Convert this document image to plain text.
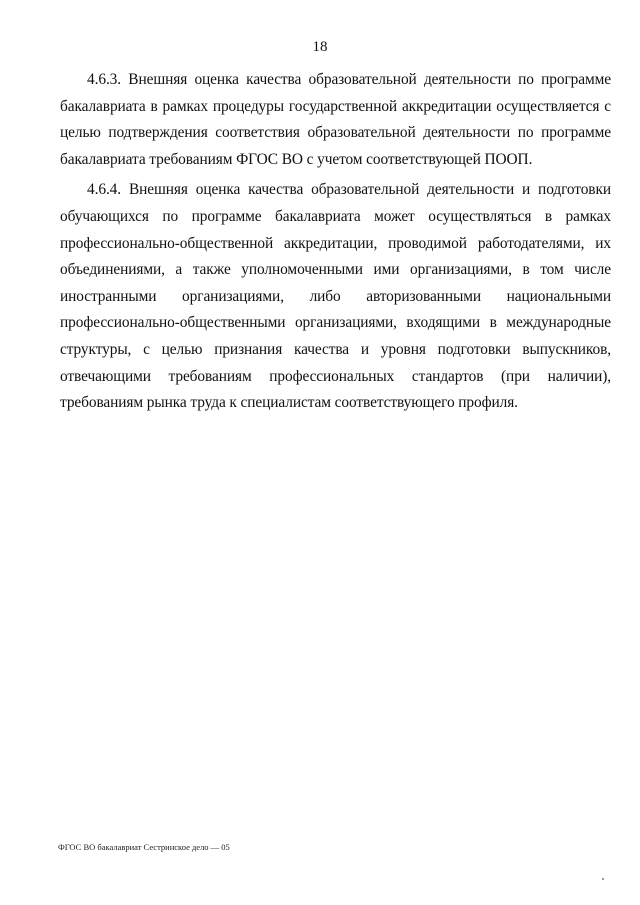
18

4.6.3. Внешняя оценка качества образовательной деятельности по программе бакалавриата в рамках процедуры государственной аккредитации осуществляется с целью подтверждения соответствия образовательной деятельности по программе бакалавриата требованиям ФГОС ВО с учетом соответствующей ПООП.

4.6.4. Внешняя оценка качества образовательной деятельности и подготовки обучающихся по программе бакалавриата может осуществляться в рамках профессионально-общественной аккредитации, проводимой работодателями, их объединениями, а также уполномоченными ими организациями, в том числе иностранными организациями, либо авторизованными национальными профессионально-общественными организациями, входящими в международные структуры, с целью признания качества и уровня подготовки выпускников, отвечающими требованиям профессиональных стандартов (при наличии), требованиям рынка труда к специалистам соответствующего профиля.

ФГОС ВО бакалавриат Сестринское дело — 05
